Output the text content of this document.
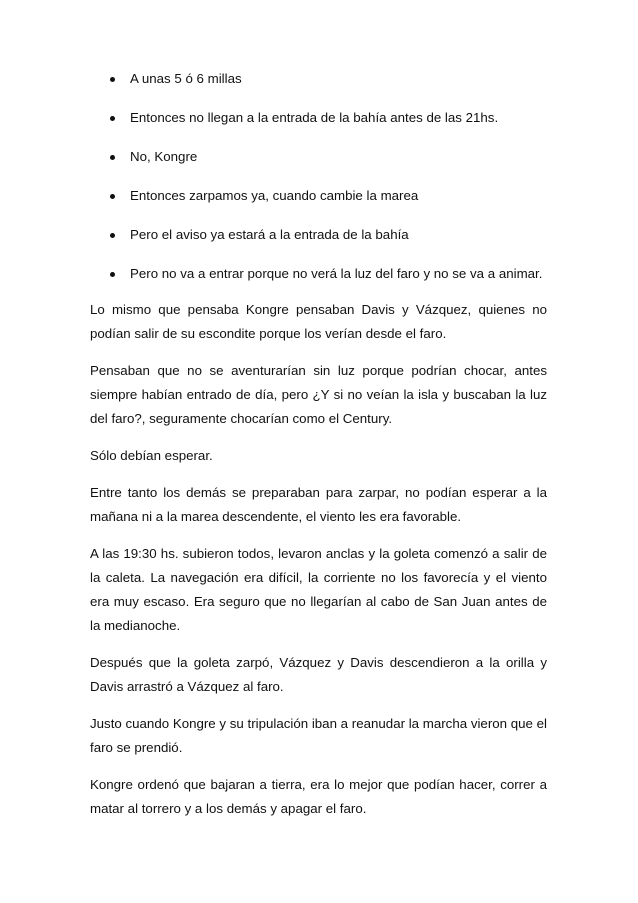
A unas 5 ó 6 millas
Entonces no llegan a la entrada de la bahía antes de las 21hs.
No, Kongre
Entonces zarpamos ya, cuando cambie la marea
Pero el aviso ya estará a la entrada de la bahía
Pero no va a entrar porque no verá la luz del faro y no se va a animar.

Lo mismo que pensaba Kongre pensaban Davis y Vázquez, quienes no podían salir de su escondite porque los verían desde el faro.

Pensaban que no se aventurarían sin luz porque podrían chocar, antes siempre habían entrado de día, pero ¿Y si no veían la isla y buscaban la luz del faro?, seguramente chocarían como el Century.

Sólo debían esperar.

Entre tanto los demás se preparaban para zarpar, no podían esperar a la mañana ni a la marea descendente, el viento les era favorable.

A las 19:30 hs. subieron todos, levaron anclas y la goleta comenzó a salir de la caleta. La navegación era difícil, la corriente no los favorecía y el viento era muy escaso. Era seguro que no llegarían al cabo de San Juan antes de la medianoche.

Después que la goleta zarpó, Vázquez y Davis descendieron a la orilla y Davis arrastró a Vázquez al faro.

Justo cuando Kongre y su tripulación iban a reanudar la marcha vieron que el faro se prendió.

Kongre ordenó que bajaran a tierra, era lo mejor que podían hacer, correr a matar al torrero y a los demás y apagar el faro.
